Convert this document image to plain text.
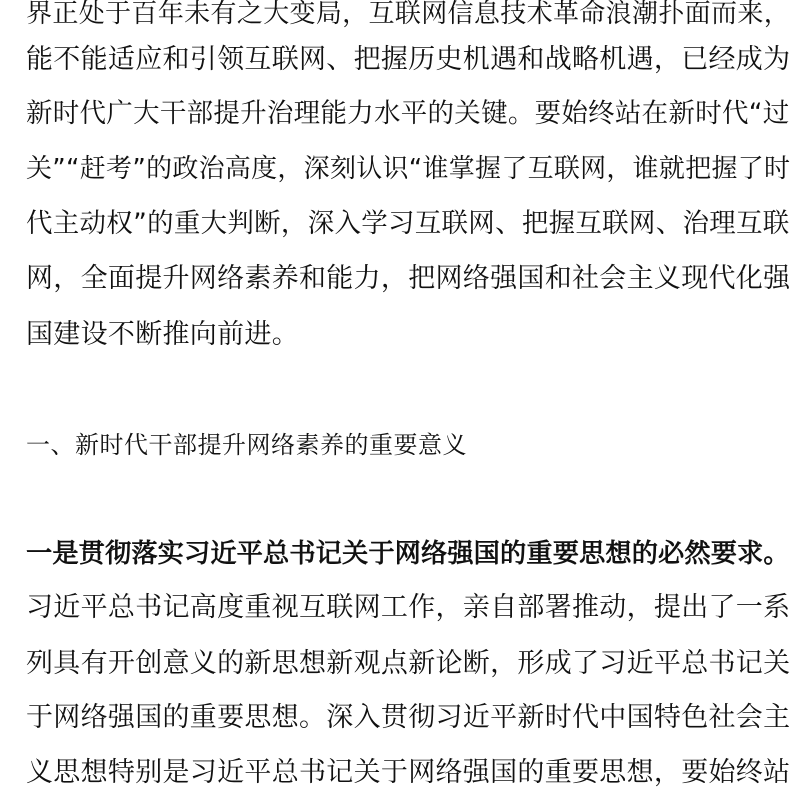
界正处于百年未有之大变局，互联网信息技术革命浪潮扑面而来，
能不能适应和引领互联网、把握历史机遇和战略机遇，已经成为
新时代广大干部提升治理能力水平的关键。要始终站在新时代“过
关”“赶考”的政治高度，深刻认识“谁掌握了互联网，谁就把握了时
代主动权”的重大判断，深入学习互联网、把握互联网、治理互联
网，全面提升网络素养和能力，把网络强国和社会主义现代化强
国建设不断推向前进。
一、新时代干部提升网络素养的重要意义
一是贯彻落实习近平总书记关于网络强国的重要思想的必然要求。
习近平总书记高度重视互联网工作，亲自部署推动，提出了一系
列具有开创意义的新思想新观点新论断，形成了习近平总书记关
于网络强国的重要思想。深入贯彻习近平新时代中国特色社会主
义思想特别是习近平总书记关于网络强国的重要思想，要始终站
